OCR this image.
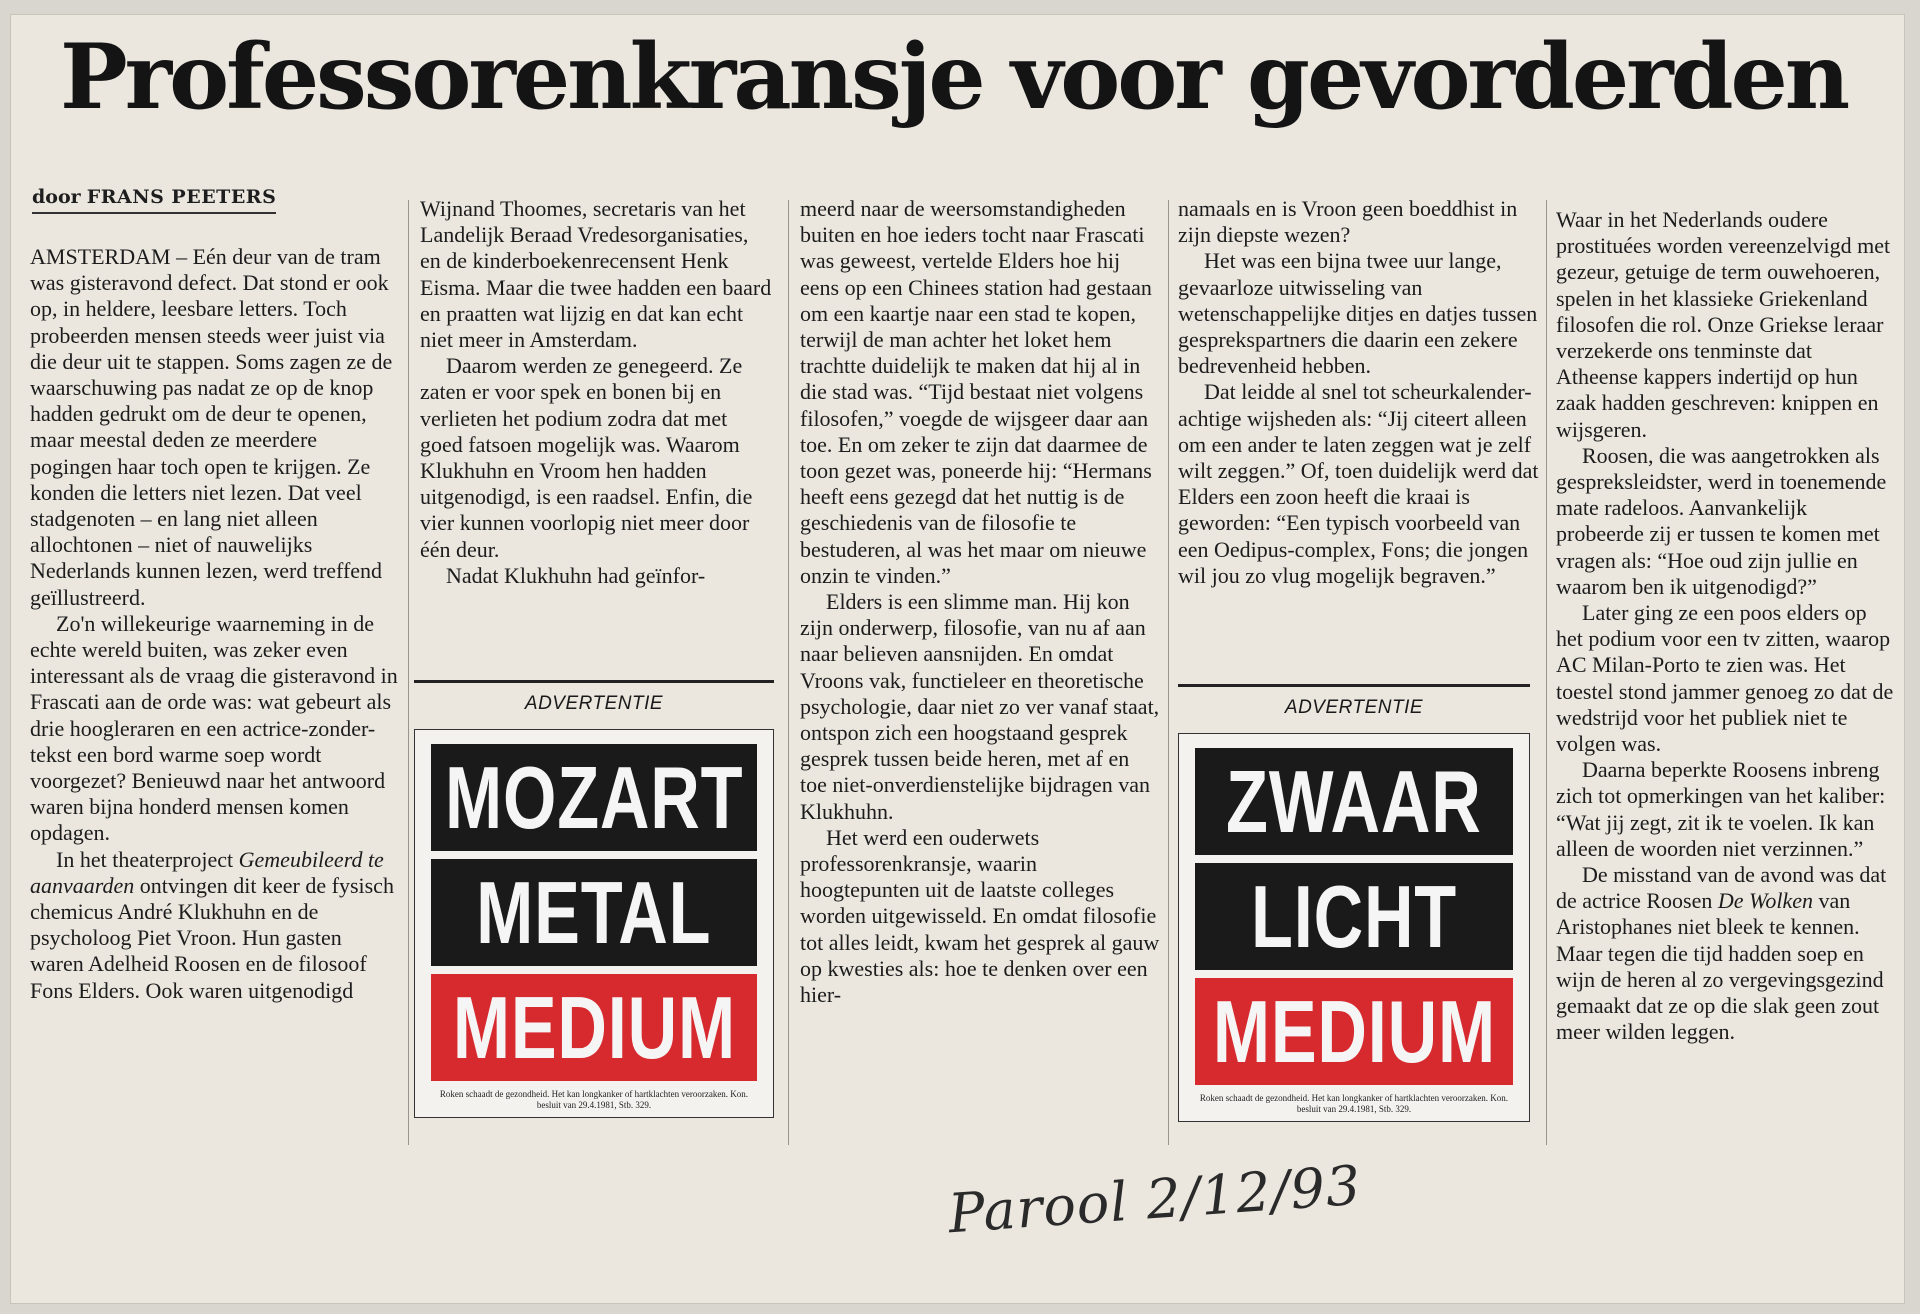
Professorenkransje voor gevorderden
door FRANS PEETERS

AMSTERDAM – Eén deur van de tram was gisteravond defect. Dat stond er ook op, in heldere, leesbare letters. Toch probeerden mensen steeds weer juist via die deur uit te stappen. Soms zagen ze de waarschuwing pas nadat ze op de knop hadden gedrukt om de deur te openen, maar meestal deden ze meerdere pogingen haar toch open te krijgen. Ze konden die letters niet lezen. Dat veel stadgenoten – en lang niet alleen allochtonen – niet of nauwelijks Nederlands kunnen lezen, werd treffend geïllustreerd.

Zo'n willekeurige waarneming in de echte wereld buiten, was zeker even interessant als de vraag die gisteravond in Frascati aan de orde was: wat gebeurt als drie hoogleraren en een actrice-zonder-tekst een bord warme soep wordt voorgezet? Benieuwd naar het antwoord waren bijna honderd mensen komen opdagen.

In het theaterproject Gemeubileerd te aanvaarden ontvingen dit keer de fysisch chemicus André Klukhuhn en de psycholoog Piet Vroon. Hun gasten waren Adelheid Roosen en de filosoof Fons Elders. Ook waren uitgenodigd

Wijnand Thoomes, secretaris van het Landelijk Beraad Vredesorganisaties, en de kinderboekenrecensent Henk Eisma. Maar die twee hadden een baard en praatten wat lijzig en dat kan echt niet meer in Amsterdam.

Daarom werden ze genegeerd. Ze zaten er voor spek en bonen bij en verlieten het podium zodra dat met goed fatsoen mogelijk was. Waarom Klukhuhn en Vroom hen hadden uitgenodigd, is een raadsel. Enfin, die vier kunnen voorlopig niet meer door één deur.

Nadat Klukhuhn had geïnfor-

meerd naar de weersomstandigheden buiten en hoe ieders tocht naar Frascati was geweest, vertelde Elders hoe hij eens op een Chinees station had gestaan om een kaartje naar een stad te kopen, terwijl de man achter het loket hem trachtte duidelijk te maken dat hij al in die stad was. “Tijd bestaat niet volgens filosofen,” voegde de wijsgeer daar aan toe. En om zeker te zijn dat daarmee de toon gezet was, poneerde hij: “Hermans heeft eens gezegd dat het nuttig is de geschiedenis van de filosofie te bestuderen, al was het maar om nieuwe onzin te vinden.”

Elders is een slimme man. Hij kon zijn onderwerp, filosofie, van nu af aan naar believen aansnijden. En omdat Vroons vak, functieleer en theoretische psychologie, daar niet zo ver vanaf staat, ontspon zich een hoogstaand gesprek gesprek tussen beide heren, met af en toe niet-onverdienstelijke bijdragen van Klukhuhn.

Het werd een ouderwets professorenkransje, waarin hoogtepunten uit de laatste colleges worden uitgewisseld. En omdat filosofie tot alles leidt, kwam het gesprek al gauw op kwesties als: hoe te denken over een hier-

namaals en is Vroon geen boeddhist in zijn diepste wezen?

Het was een bijna twee uur lange, gevaarloze uitwisseling van wetenschappelijke ditjes en datjes tussen gesprekspartners die daarin een zekere bedrevenheid hebben.

Dat leidde al snel tot scheurkalender-achtige wijsheden als: “Jij citeert alleen om een ander te laten zeggen wat je zelf wilt zeggen.” Of, toen duidelijk werd dat Elders een zoon heeft die kraai is geworden: “Een typisch voorbeeld van een Oedipus-complex, Fons; die jongen wil jou zo vlug mogelijk begraven.”

Waar in het Nederlands oudere prostituées worden vereenzelvigd met gezeur, getuige de term ouwehoeren, spelen in het klassieke Griekenland filosofen die rol. Onze Griekse leraar verzekerde ons tenminste dat Atheense kappers indertijd op hun zaak hadden geschreven: knippen en wijsgeren.

Roosen, die was aangetrokken als gespreksleidster, werd in toenemende mate radeloos. Aanvankelijk probeerde zij er tussen te komen met vragen als: “Hoe oud zijn jullie en waarom ben ik uitgenodigd?”

Later ging ze een poos elders op het podium voor een tv zitten, waarop AC Milan-Porto te zien was. Het toestel stond jammer genoeg zo dat de wedstrijd voor het publiek niet te volgen was.

Daarna beperkte Roosens inbreng zich tot opmerkingen van het kaliber: “Wat jij zegt, zit ik te voelen. Ik kan alleen de woorden niet verzinnen.”

De misstand van de avond was dat de actrice Roosen De Wolken van Aristophanes niet bleek te kennen. Maar tegen die tijd hadden soep en wijn de heren al zo vergevingsgezind gemaakt dat ze op die slak geen zout meer wilden leggen.

ADVERTENTIE
MOZART
METAL
MEDIUM
Roken schaadt de gezondheid. Het kan longkanker of hartklachten veroorzaken. Kon. besluit van 29.4.1981, Stb. 329.
ADVERTENTIE
ZWAAR
LICHT
MEDIUM
Roken schaadt de gezondheid. Het kan longkanker of hartklachten veroorzaken. Kon. besluit van 29.4.1981, Stb. 329.
Parool 2/12/93
